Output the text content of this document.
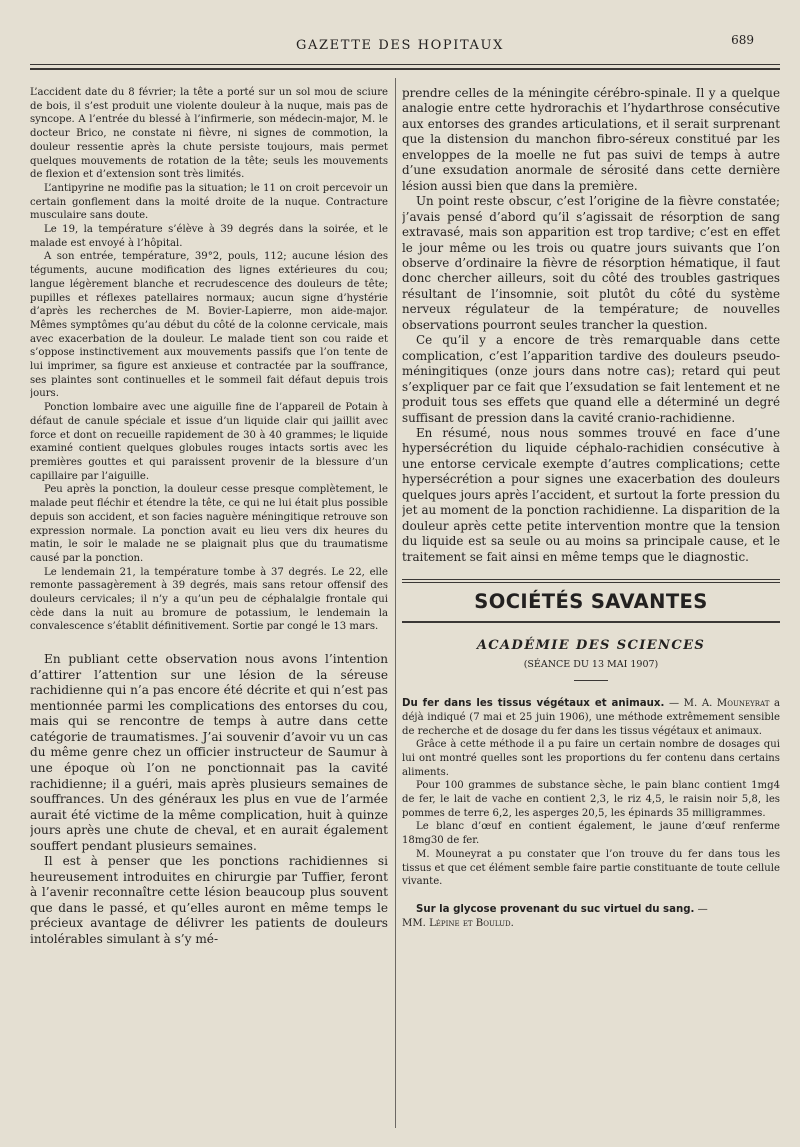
GAZETTE DES HOPITAUX	689

L’accident date du 8 février; la tête a porté sur un sol mou de sciure de bois, il s’est produit une violente douleur à la nuque, mais pas de syncope. A l’entrée du blessé à l’infirmerie, son médecin-major, M. le docteur Brico, ne constate ni fièvre, ni signes de commotion, la douleur ressentie après la chute persiste toujours, mais permet quelques mouvements de rotation de la tête; seuls les mouvements de flexion et d’extension sont très limités.

L’antipyrine ne modifie pas la situation; le 11 on croit percevoir un certain gonflement dans la moité droite de la nuque. Contracture musculaire sans doute.

Le 19, la température s’élève à 39 degrés dans la soirée, et le malade est envoyé à l’hôpital.

A son entrée, température, 39°2, pouls, 112; aucune lésion des téguments, aucune modification des lignes extérieures du cou; langue légèrement blanche et recrudescence des douleurs de tête; pupilles et réflexes patellaires normaux; aucun signe d’hystérie d’après les recherches de M. Bovier-Lapierre, mon aide-major. Mêmes symptômes qu’au début du côté de la colonne cervicale, mais avec exacerbation de la douleur. Le malade tient son cou raide et s’oppose instinctivement aux mouvements passifs que l’on tente de lui imprimer, sa figure est anxieuse et contractée par la souffrance, ses plaintes sont continuelles et le sommeil fait défaut depuis trois jours.

Ponction lombaire avec une aiguille fine de l’appareil de Potain à défaut de canule spéciale et issue d’un liquide clair qui jaillit avec force et dont on recueille rapidement de 30 à 40 grammes; le liquide examiné contient quelques globules rouges intacts sortis avec les premières gouttes et qui paraissent provenir de la blessure d’un capillaire par l’aiguille.

Peu après la ponction, la douleur cesse presque complètement, le malade peut fléchir et étendre la tête, ce qui ne lui était plus possible depuis son accident, et son facies naguère méningitique retrouve son expression normale. La ponction avait eu lieu vers dix heures du matin, le soir le malade ne se plaignait plus que du traumatisme causé par la ponction.

Le lendemain 21, la température tombe à 37 degrés. Le 22, elle remonte passagèrement à 39 degrés, mais sans retour offensif des douleurs cervicales; il n’y a qu’un peu de céphalalgie frontale qui cède dans la nuit au bromure de potassium, le lendemain la convalescence s’établit définitivement. Sortie par congé le 13 mars.

En publiant cette observation nous avons l’intention d’attirer l’attention sur une lésion de la séreuse rachidienne qui n’a pas encore été décrite et qui n’est pas mentionnée parmi les complications des entorses du cou, mais qui se rencontre de temps à autre dans cette catégorie de traumatismes. J’ai souvenir d’avoir vu un cas du même genre chez un officier instructeur de Saumur à une époque où l’on ne ponctionnait pas la cavité rachidienne; il a guéri, mais après plusieurs semaines de souffrances. Un des généraux les plus en vue de l’armée aurait été victime de la même complication, huit à quinze jours après une chute de cheval, et en aurait également souffert pendant plusieurs semaines.

Il est à penser que les ponctions rachidiennes si heureusement introduites en chirurgie par Tuffier, feront à l’avenir reconnaître cette lésion beaucoup plus souvent que dans le passé, et qu’elles auront en même temps le précieux avantage de délivrer les patients de douleurs intolérables simulant à s’y mé-

prendre celles de la méningite cérébro-spinale. Il y a quelque analogie entre cette hydrorachis et l’hydarthrose consécutive aux entorses des grandes articulations, et il serait surprenant que la distension du manchon fibro-séreux constitué par les enveloppes de la moelle ne fut pas suivi de temps à autre d’une exsudation anormale de sérosité dans cette dernière lésion aussi bien que dans la première.

Un point reste obscur, c’est l’origine de la fièvre constatée; j’avais pensé d’abord qu’il s’agissait de résorption de sang extravasé, mais son apparition est trop tardive; c’est en effet le jour même ou les trois ou quatre jours suivants que l’on observe d’ordinaire la fièvre de résorption hématique, il faut donc chercher ailleurs, soit du côté des troubles gastriques résultant de l’insomnie, soit plutôt du côté du système nerveux régulateur de la température; de nouvelles observations pourront seules trancher la question.

Ce qu’il y a encore de très remarquable dans cette complication, c’est l’apparition tardive des douleurs pseudo-méningitiques (onze jours dans notre cas); retard qui peut s’expliquer par ce fait que l’exsudation se fait lentement et ne produit tous ses effets que quand elle a déterminé un degré suffisant de pression dans la cavité cranio-rachidienne.

En résumé, nous nous sommes trouvé en face d’une hypersécrétion du liquide céphalo-rachidien consécutive à une entorse cervicale exempte d’autres complications; cette hypersécrétion a pour signes une exacerbation des douleurs quelques jours après l’accident, et surtout la forte pression du jet au moment de la ponction rachidienne. La disparition de la douleur après cette petite intervention montre que la tension du liquide est sa seule ou au moins sa principale cause, et le traitement se fait ainsi en même temps que le diagnostic.

SOCIÉTÉS SAVANTES
ACADÉMIE DES SCIENCES
(SÉANCE DU 13 MAI 1907)

Du fer dans les tissus végétaux et animaux. — M. A. Mouneyrat a déjà indiqué (7 mai et 25 juin 1906), une méthode extrêmement sensible de recherche et de dosage du fer dans les tissus végétaux et animaux.

Grâce à cette méthode il a pu faire un certain nombre de dosages qui lui ont montré quelles sont les proportions du fer contenu dans certains aliments.

Pour 100 grammes de substance sèche, le pain blanc contient 1mg4 de fer, le lait de vache en contient 2,3, le riz 4,5, le raisin noir 5,8, les pommes de terre 6,2, les asperges 20,5, les épinards 35 milligrammes.

Le blanc d’œuf en contient également, le jaune d’œuf renferme 18mg30 de fer.

M. Mouneyrat a pu constater que l’on trouve du fer dans tous les tissus et que cet élément semble faire partie constituante de toute cellule vivante.

Sur la glycose provenant du suc virtuel du sang. —
MM. Lépine et Boulud.
